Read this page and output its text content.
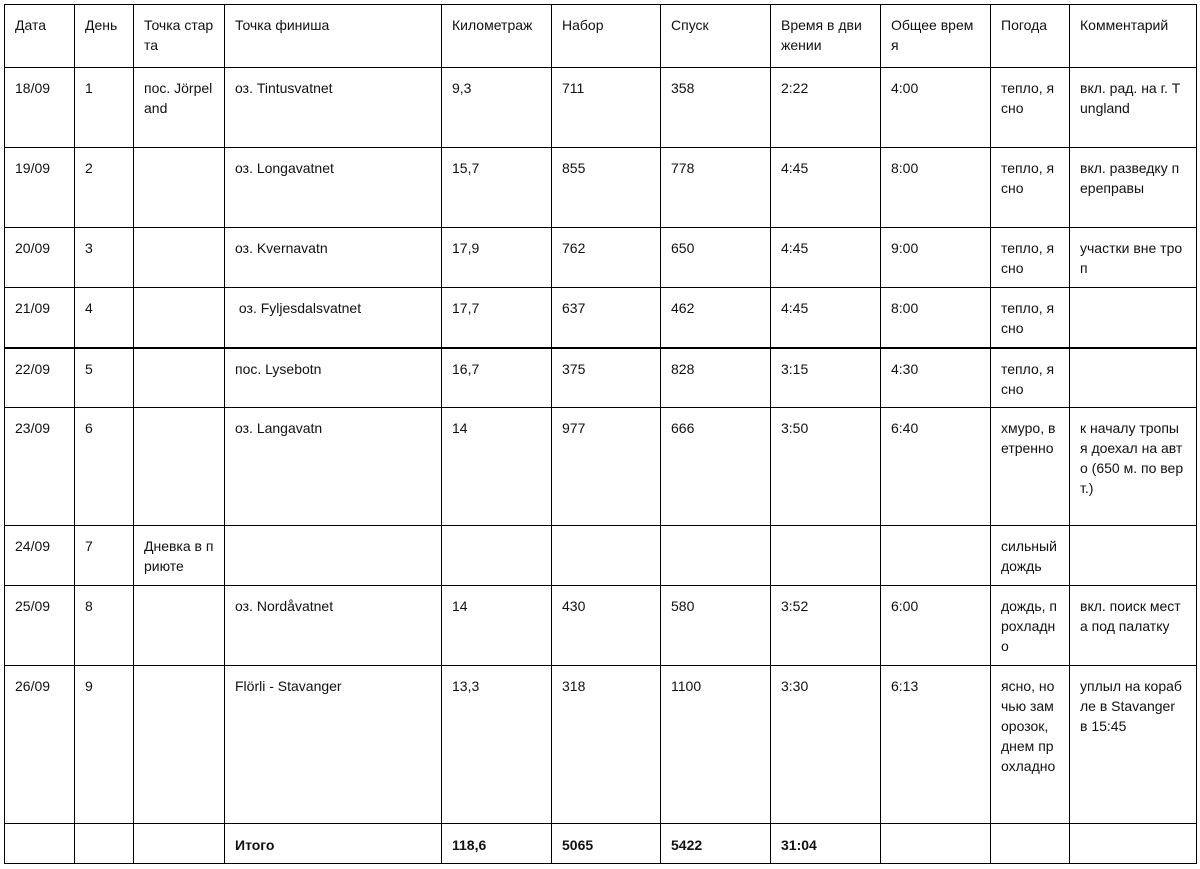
Дата	День	Точка старта	Точка финиша	Километраж	Набор	Спуск	Время в движении	Общее время	Погода	Комментарий
18/09	1	пос. Jörpeland	оз. Tintusvatnet	9,3	711	358	2:22	4:00	тепло, ясно	вкл. рад. на г. Tungland
19/09	2		оз. Longavatnet	15,7	855	778	4:45	8:00	тепло, ясно	вкл. разведку переправы
20/09	3		оз. Kvernavatn	17,9	762	650	4:45	9:00	тепло, ясно	участки вне троп
21/09	4		оз. Fyljesdalsvatnet	17,7	637	462	4:45	8:00	тепло, ясно	
22/09	5		пос. Lysebotn	16,7	375	828	3:15	4:30	тепло, ясно	
23/09	6		оз. Langavatn	14	977	666	3:50	6:40	хмуро, ветренно	к началу тропы я доехал на авто (650 м. по верт.)
24/09	7	Дневка в приюте							сильный дождь	
25/09	8		оз. Nordåvatnet	14	430	580	3:52	6:00	дождь, прохладно	вкл. поиск места под палатку
26/09	9		Flörli - Stavanger	13,3	318	1100	3:30	6:13	ясно, ночью заморозок, днем прохладно	уплыл на корабле в Stavanger в 15:45
			Итого	118,6	5065	5422	31:04			
